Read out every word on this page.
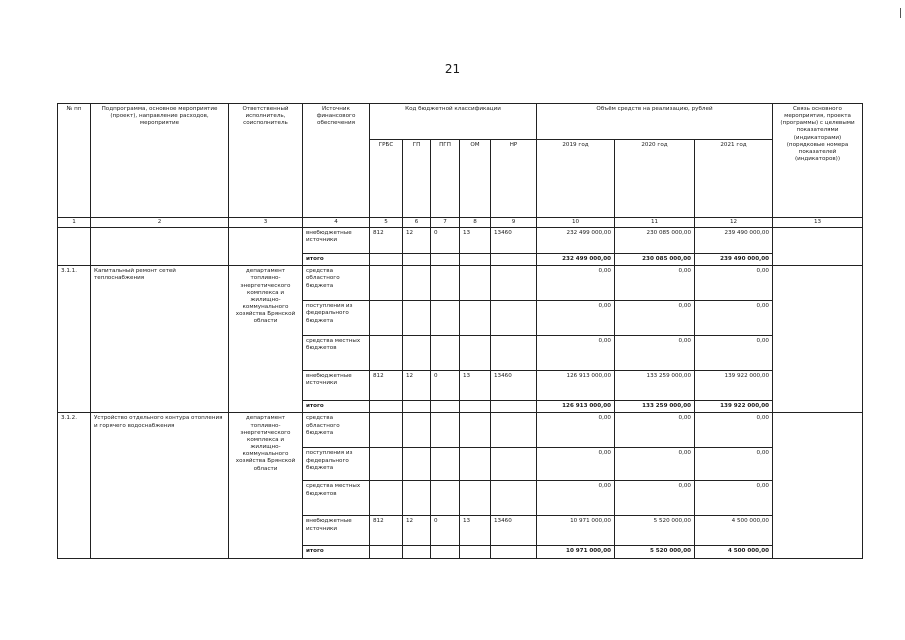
21
№ пп	Подпрограмма, основное мероприятие (проект), направление расходов, мероприятие	Ответственный исполнитель, соисполнитель	Источник финансового обеспечения	Код бюджетной классификации					Объём средств на реализацию, рублей			Связь основного мероприятия, проекта (программы) с целевыми показателями (индикаторами) (порядковые номера показателей (индикаторов))
				ГРБС	ГП	ПГП	ОМ	НР	2019 год	2020 год	2021 год	
1	2	3	4	5	6	7	8	9	10	11	12	13
			внебюджетные источники	812	12	0	13	13460	232 499 000,00	230 085 000,00	239 490 000,00	
			итого						232 499 000,00	230 085 000,00	239 490 000,00	
3.1.1.	Капитальный ремонт сетей теплоснабжения	департамент топливно-энергетического комплекса и жилищно-коммунального хозяйства Брянской области	средства областного бюджета						0,00	0,00	0,00	
			поступления из федерального бюджета						0,00	0,00	0,00	
			средства местных бюджетов						0,00	0,00	0,00	
			внебюджетные источники	812	12	0	13	13460	126 913 000,00	133 259 000,00	139 922 000,00	
			итого						126 913 000,00	133 259 000,00	139 922 000,00	
3.1.2.	Устройство отдельного контура отопления и горячего водоснабжения	департамент топливно-энергетического комплекса и жилищно-коммунального хозяйства Брянской области	средства областного бюджета						0,00	0,00	0,00	
			поступления из федерального бюджета						0,00	0,00	0,00	
			средства местных бюджетов						0,00	0,00	0,00	
			внебюджетные источники	812	12	0	13	13460	10 971 000,00	5 520 000,00	4 500 000,00	
			итого						10 971 000,00	5 520 000,00	4 500 000,00	
